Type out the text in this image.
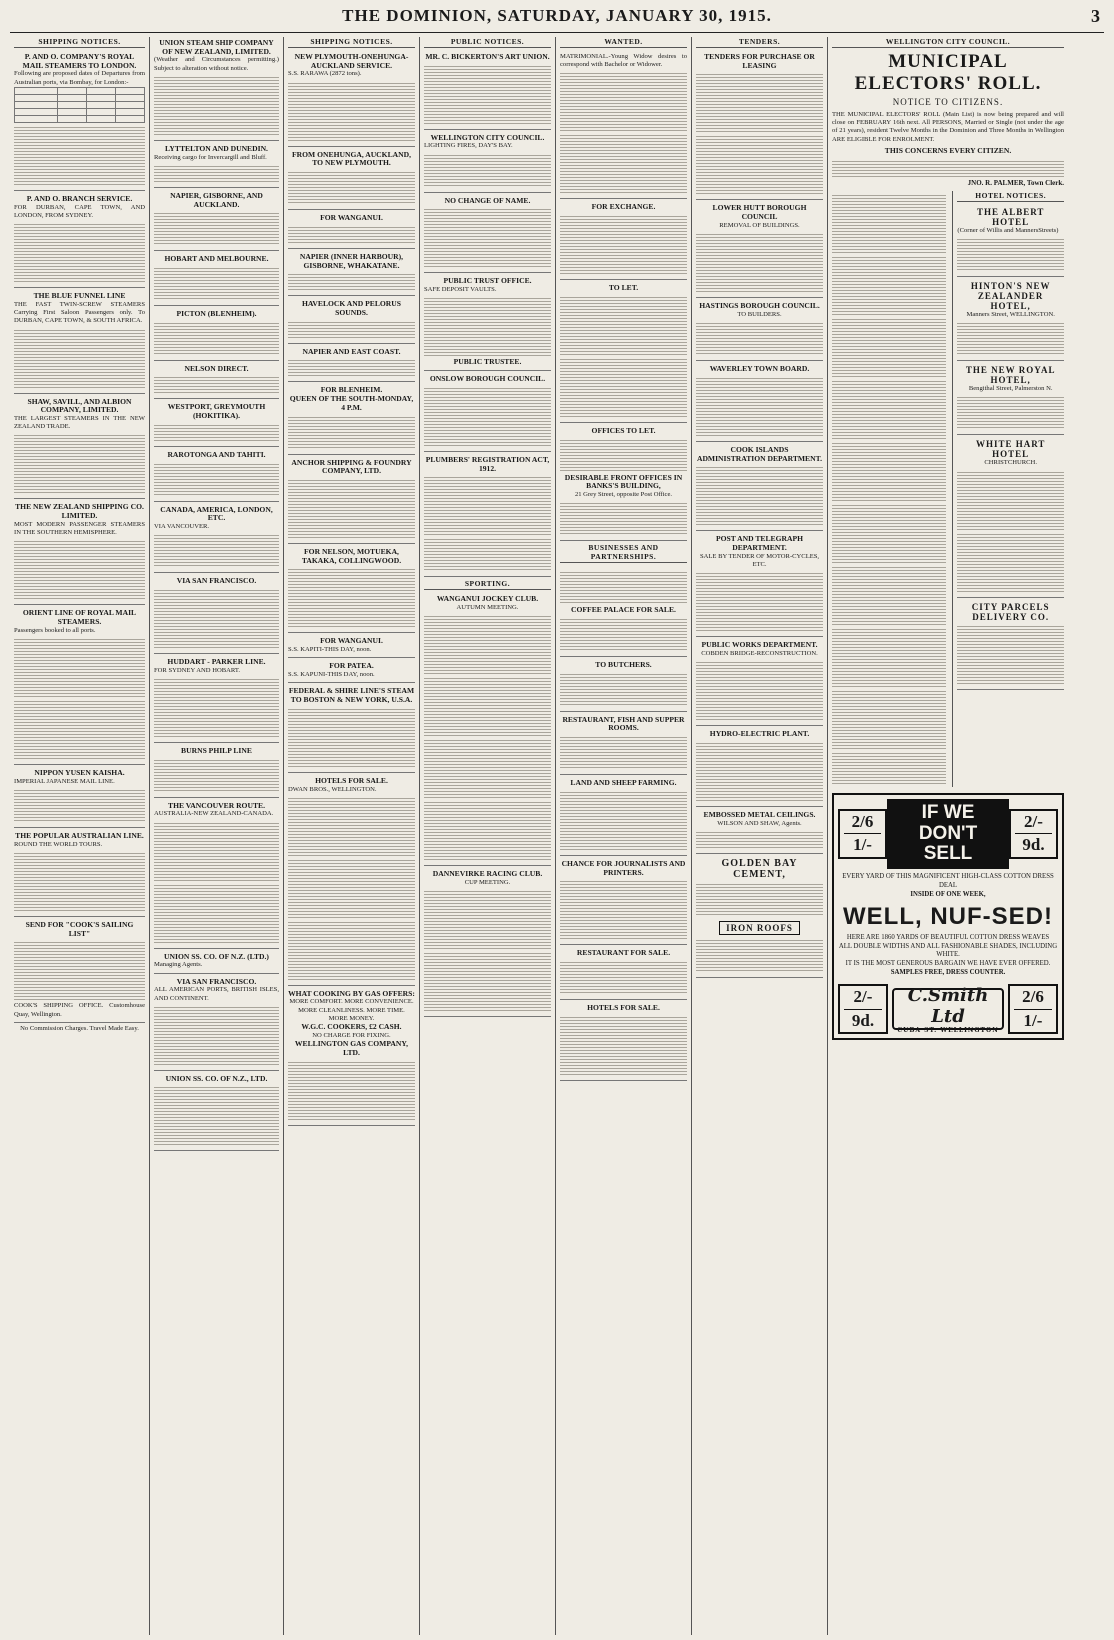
THE DOMINION, SATURDAY, JANUARY 30, 1915.	3
SHIPPING NOTICES.
P. AND O. COMPANY'S ROYAL MAIL STEAMERS TO LONDON.
Following are proposed dates of Departures from Australian ports, via Bombay, for London:-

P. AND O. BRANCH SERVICE.
FOR DURBAN, CAPE TOWN, AND LONDON, FROM SYDNEY.
THE BLUE FUNNEL LINE
THE FAST TWIN-SCREW STEAMERS Carrying First Saloon Passengers only. To DURBAN, CAPE TOWN, & SOUTH AFRICA.
SHAW, SAVILL, AND ALBION COMPANY, LIMITED.
THE LARGEST STEAMERS IN THE NEW ZEALAND TRADE.
THE NEW ZEALAND SHIPPING CO. LIMITED.
MOST MODERN PASSENGER STEAMERS IN THE SOUTHERN HEMISPHERE.
ORIENT LINE OF ROYAL MAIL STEAMERS.
Passengers booked to all ports.
NIPPON YUSEN KAISHA.
IMPERIAL JAPANESE MAIL LINE.
THE POPULAR AUSTRALIAN LINE.
ROUND THE WORLD TOURS.
SEND FOR "COOK'S SAILING LIST"
COOK'S SHIPPING OFFICE. Customhouse Quay, Wellington.
No Commission Charges. Travel Made Easy.
UNION STEAM SHIP COMPANY OF NEW ZEALAND, LIMITED.
(Weather and Circumstances permitting.) Subject to alteration without notice.
LYTTELTON AND DUNEDIN.
Receiving cargo for Invercargill and Bluff.
NAPIER, GISBORNE, AND AUCKLAND.
HOBART AND MELBOURNE.
PICTON (BLENHEIM).
NELSON DIRECT.
WESTPORT, GREYMOUTH (HOKITIKA).
RAROTONGA AND TAHITI.
CANADA, AMERICA, LONDON, ETC.
VIA VANCOUVER.
VIA SAN FRANCISCO.
HUDDART - PARKER LINE.
FOR SYDNEY AND HOBART.
BURNS PHILP LINE
THE VANCOUVER ROUTE.
AUSTRALIA-NEW ZEALAND-CANADA.
UNION SS. CO. OF N.Z. (LTD.)
Managing Agents.
VIA SAN FRANCISCO.
ALL AMERICAN PORTS, BRITISH ISLES, AND CONTINENT.
UNION SS. CO. OF N.Z., LTD.
SHIPPING NOTICES.
NEW PLYMOUTH-ONEHUNGA-AUCKLAND SERVICE.
S.S. RARAWA (2872 tons).
FROM ONEHUNGA, AUCKLAND, TO NEW PLYMOUTH.
FOR WANGANUI.
NAPIER (INNER HARBOUR), GISBORNE, WHAKATANE.
HAVELOCK AND PELORUS SOUNDS.
NAPIER AND EAST COAST.
FOR BLENHEIM.
QUEEN OF THE SOUTH-MONDAY, 4 P.M.
ANCHOR SHIPPING & FOUNDRY COMPANY, LTD.
FOR NELSON, MOTUEKA, TAKAKA, COLLINGWOOD.
FOR WANGANUI.
S.S. KAPITI-THIS DAY, noon.
FOR PATEA.
S.S. KAPUNI-THIS DAY, noon.
FEDERAL & SHIRE LINE'S STEAM TO BOSTON & NEW YORK, U.S.A.
HOTELS FOR SALE.
DWAN BROS., WELLINGTON.
WHAT COOKING BY GAS OFFERS:
MORE COMFORT. MORE CONVENIENCE. MORE CLEANLINESS. MORE TIME. MORE MONEY.
W.G.C. COOKERS, £2 CASH.
NO CHARGE FOR FIXING.
WELLINGTON GAS COMPANY, LTD.
PUBLIC NOTICES.
MR. C. BICKERTON'S ART UNION.
WELLINGTON CITY COUNCIL.
LIGHTING FIRES, DAY'S BAY.
NO CHANGE OF NAME.
PUBLIC TRUST OFFICE.
SAFE DEPOSIT VAULTS.
PUBLIC TRUSTEE.
ONSLOW BOROUGH COUNCIL.
PLUMBERS' REGISTRATION ACT, 1912.
SPORTING.
WANGANUI JOCKEY CLUB.
AUTUMN MEETING.
DANNEVIRKE RACING CLUB.
CUP MEETING.
WANTED.
MATRIMONIAL.-Young Widow desires to correspond with Bachelor or Widower.
FOR EXCHANGE.
TO LET.
OFFICES TO LET.
DESIRABLE FRONT OFFICES IN BANKS'S BUILDING,
21 Grey Street, opposite Post Office.
BUSINESSES AND PARTNERSHIPS.
COFFEE PALACE FOR SALE.
TO BUTCHERS.
RESTAURANT, FISH AND SUPPER ROOMS.
LAND AND SHEEP FARMING.
CHANCE FOR JOURNALISTS AND PRINTERS.
RESTAURANT FOR SALE.
HOTELS FOR SALE.
TENDERS.
TENDERS FOR PURCHASE OR LEASING
LOWER HUTT BOROUGH COUNCIL
REMOVAL OF BUILDINGS.
HASTINGS BOROUGH COUNCIL.
TO BUILDERS.
WAVERLEY TOWN BOARD.
COOK ISLANDS ADMINISTRATION DEPARTMENT.
POST AND TELEGRAPH DEPARTMENT.
SALE BY TENDER OF MOTOR-CYCLES, ETC.
PUBLIC WORKS DEPARTMENT.
COBDEN BRIDGE-RECONSTRUCTION.
HYDRO-ELECTRIC PLANT.
EMBOSSED METAL CEILINGS.
WILSON AND SHAW, Agents.
GOLDEN BAY CEMENT,
IRON ROOFS
WELLINGTON CITY COUNCIL.
MUNICIPAL ELECTORS' ROLL.
NOTICE TO CITIZENS.
THE MUNICIPAL ELECTORS' ROLL (Main List) is now being prepared and will close on FEBRUARY 16th next. All PERSONS, Married or Single (not under the age of 21 years), resident Twelve Months in the Dominion and Three Months in Wellington ARE ELIGIBLE FOR ENROLMENT.
THIS CONCERNS EVERY CITIZEN.
JNO. R. PALMER, Town Clerk.
HOTEL NOTICES.
THE ALBERT HOTEL
(Corner of Willis and MannersStreets)
HINTON'S NEW ZEALANDER HOTEL,
Manners Street, WELLINGTON.
THE NEW ROYAL HOTEL,
Bengithal Street, Palmerston N.
WHITE HART HOTEL
CHRISTCHURCH.
CITY PARCELS DELIVERY CO.
2/6
1/-
IF WE
DON'T SELL
2/-
9d.
EVERY YARD OF THIS MAGNIFICENT HIGH-CLASS COTTON DRESS DEAL
INSIDE OF ONE WEEK,
WELL, NUF-SED!
HERE ARE 1860 YARDS OF BEAUTIFUL COTTON DRESS WEAVES
ALL DOUBLE WIDTHS AND ALL FASHIONABLE SHADES, INCLUDING WHITE.
IT IS THE MOST GENEROUS BARGAIN WE HAVE EVER OFFERED.
SAMPLES FREE, DRESS COUNTER.
2/-
9d.
C.Smith Ltd
CUBA ST. WELLINGTON
2/6
1/-
